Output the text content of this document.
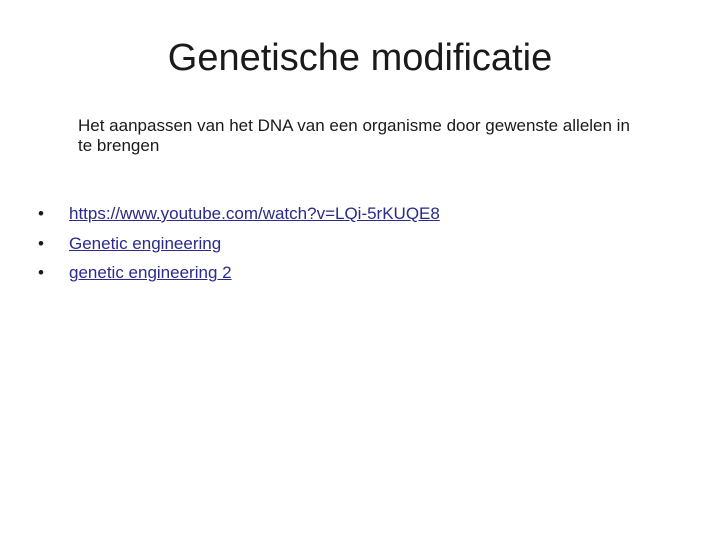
Genetische modificatie

Het aanpassen van het DNA van een organisme door gewenste allelen in te brengen

•	https://www.youtube.com/watch?v=LQi-5rKUQE8
•	Genetic engineering
•	genetic engineering 2
